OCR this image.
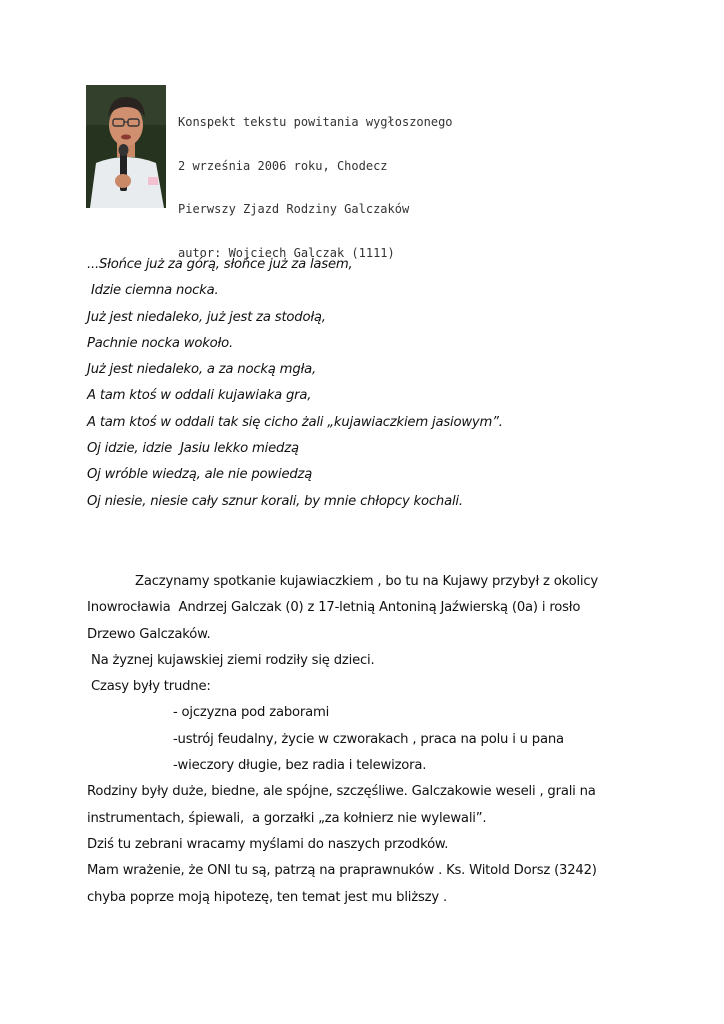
Konspekt tekstu powitania wygłoszonego

2 września 2006 roku, Chodecz

Pierwszy Zjazd Rodziny Galczaków

autor: Wojciech Galczak (1111)

...Słońce już za górą, słońce już za lasem,
Idzie ciemna nocka.
Już jest niedaleko, już jest za stodołą,
Pachnie nocka wokoło.
Już jest niedaleko, a za nocką mgła,
A tam ktoś w oddali kujawiaka gra,
A tam ktoś w oddali tak się cicho żali „kujawiaczkiem jasiowym”.
Oj idzie, idzie  Jasiu lekko miedzą
Oj wróble wiedzą, ale nie powiedzą
Oj niesie, niesie cały sznur korali, by mnie chłopcy kochali.
Zaczynamy spotkanie kujawiaczkiem , bo tu na Kujawy przybył z okolicy
Inowrocławia  Andrzej Galczak (0) z 17-letnią Antoniną Jaźwierską (0a) i rosło
Drzewo Galczaków.
Na żyznej kujawskiej ziemi rodziły się dzieci.
Czasy były trudne:
- ojczyzna pod zaborami
-ustrój feudalny, życie w czworakach , praca na polu i u pana
-wieczory długie, bez radia i telewizora.
Rodziny były duże, biedne, ale spójne, szczęśliwe. Galczakowie weseli , grali na
instrumentach, śpiewali,  a gorzałki „za kołnierz nie wylewali”.
Dziś tu zebrani wracamy myślami do naszych przodków.
Mam wrażenie, że ONI tu są, patrzą na praprawnuków . Ks. Witold Dorsz (3242)
chyba poprze moją hipotezę, ten temat jest mu bliższy .
